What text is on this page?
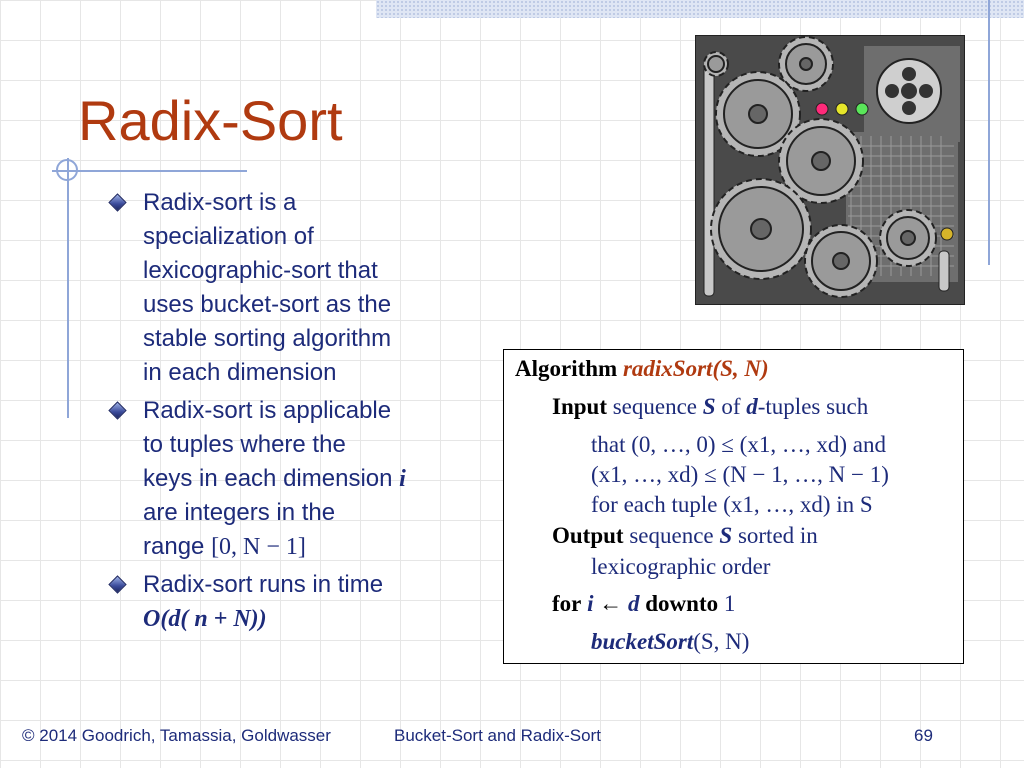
Radix-Sort
Radix-sort is a
specialization of
lexicographic-sort that
uses bucket-sort as the
stable sorting algorithm
in each dimension
Radix-sort is applicable
to tuples where the
keys in each dimension i
are integers in the
range [0, N − 1]
Radix-sort runs in time
O(d( n + N))
Algorithm radixSort(S, N)
Input sequence S of d-tuples such
that (0, …, 0) ≤ (x1, …, xd) and
(x1, …, xd) ≤ (N − 1, …, N − 1)
for each tuple (x1, …, xd) in S
Output sequence S sorted in
lexicographic order
for i ← d downto 1
bucketSort(S, N)
© 2014 Goodrich, Tamassia, Goldwasser	Bucket-Sort and Radix-Sort	69
